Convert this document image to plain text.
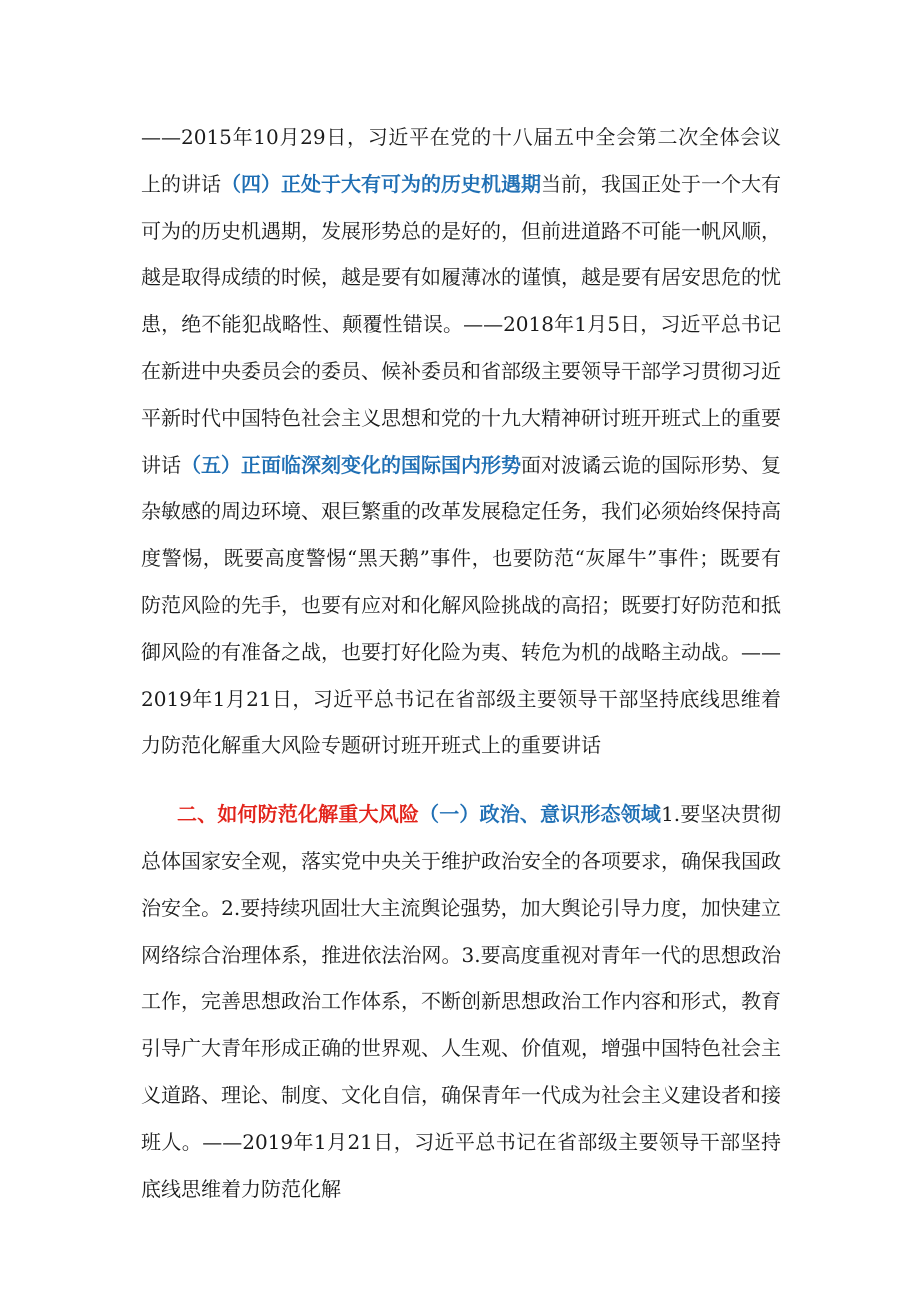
——2015年10月29日，习近平在党的十八届五中全会第二次全体会议上的讲话（四）正处于大有可为的历史机遇期当前，我国正处于一个大有可为的历史机遇期，发展形势总的是好的，但前进道路不可能一帆风顺，越是取得成绩的时候，越是要有如履薄冰的谨慎，越是要有居安思危的忧患，绝不能犯战略性、颠覆性错误。——2018年1月5日，习近平总书记在新进中央委员会的委员、候补委员和省部级主要领导干部学习贯彻习近平新时代中国特色社会主义思想和党的十九大精神研讨班开班式上的重要讲话（五）正面临深刻变化的国际国内形势面对波谲云诡的国际形势、复杂敏感的周边环境、艰巨繁重的改革发展稳定任务，我们必须始终保持高度警惕，既要高度警惕“黑天鹅”事件，也要防范“灰犀牛”事件；既要有防范风险的先手，也要有应对和化解风险挑战的高招；既要打好防范和抵御风险的有准备之战，也要打好化险为夷、转危为机的战略主动战。——2019年1月21日，习近平总书记在省部级主要领导干部坚持底线思维着力防范化解重大风险专题研讨班开班式上的重要讲话

二、如何防范化解重大风险（一）政治、意识形态领域1.要坚决贯彻总体国家安全观，落实党中央关于维护政治安全的各项要求，确保我国政治安全。2.要持续巩固壮大主流舆论强势，加大舆论引导力度，加快建立网络综合治理体系，推进依法治网。3.要高度重视对青年一代的思想政治工作，完善思想政治工作体系，不断创新思想政治工作内容和形式，教育引导广大青年形成正确的世界观、人生观、价值观，增强中国特色社会主义道路、理论、制度、文化自信，确保青年一代成为社会主义建设者和接班人。——2019年1月21日，习近平总书记在省部级主要领导干部坚持底线思维着力防范化解
